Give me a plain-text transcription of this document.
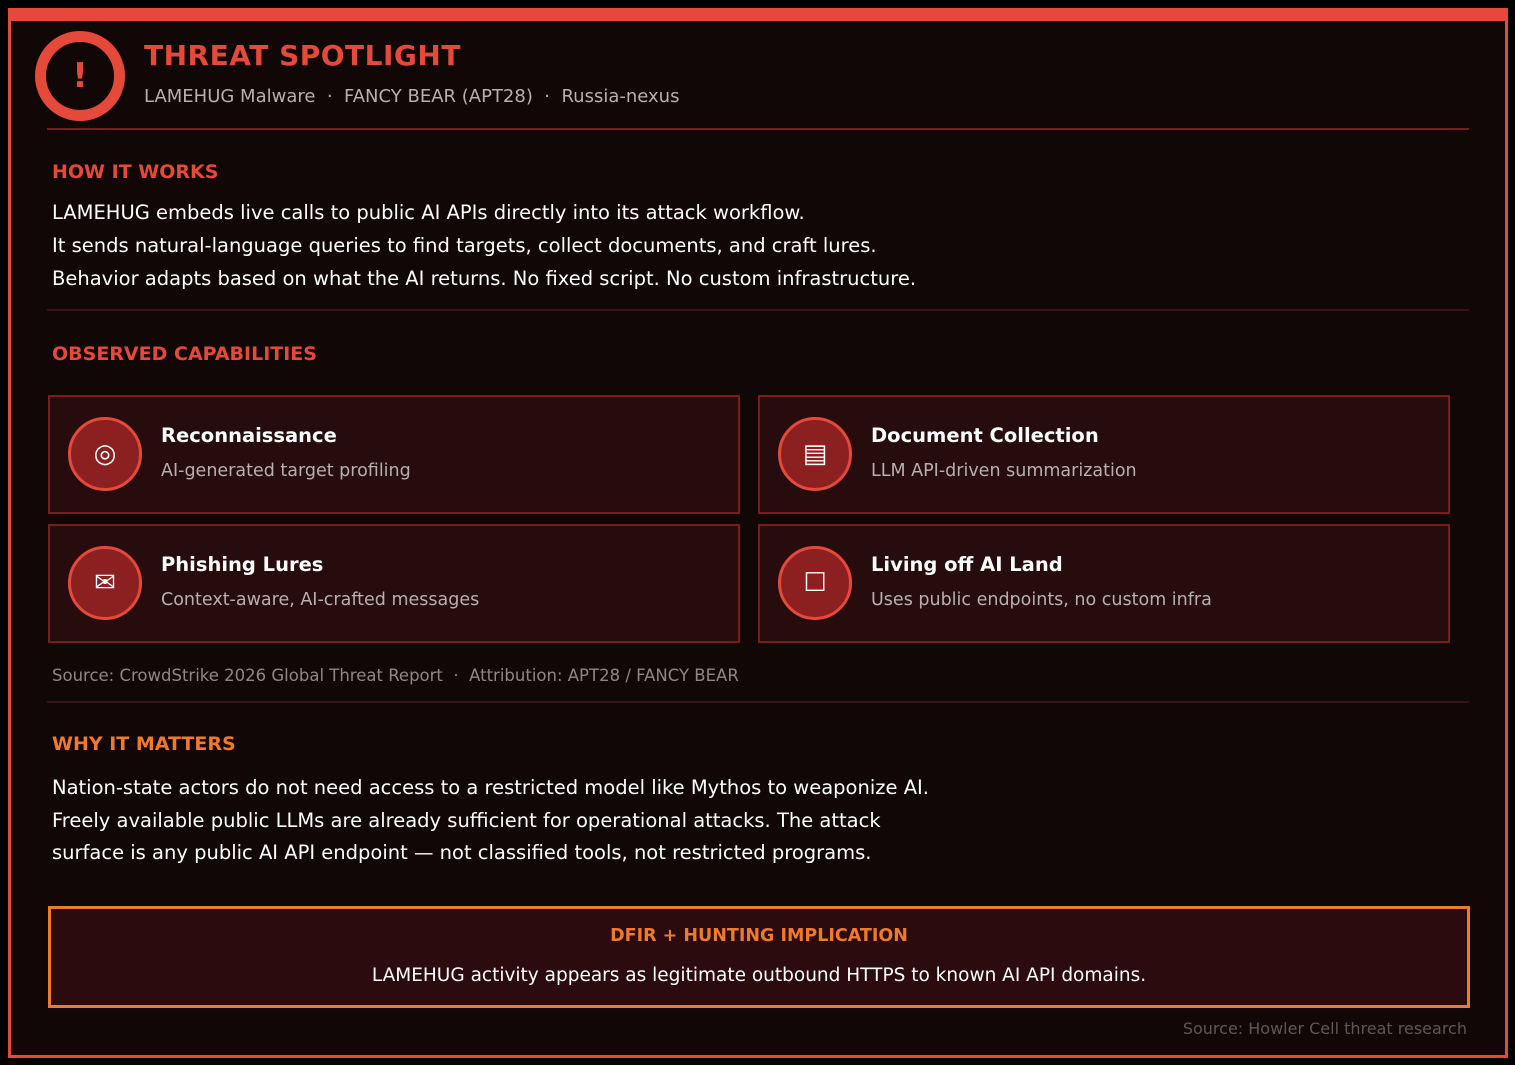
!
THREAT SPOTLIGHT
LAMEHUG Malware  ·  FANCY BEAR (APT28)  ·  Russia-nexus
HOW IT WORKS
LAMEHUG embeds live calls to public AI APIs directly into its attack workflow.
It sends natural-language queries to find targets, collect documents, and craft lures.
Behavior adapts based on what the AI returns. No fixed script. No custom infrastructure.
OBSERVED CAPABILITIES
◎
Reconnaissance
AI-generated target profiling
▤
Document Collection
LLM API-driven summarization
✉
Phishing Lures
Context-aware, AI-crafted messages
☐
Living off AI Land
Uses public endpoints, no custom infra
Source: CrowdStrike 2026 Global Threat Report  ·  Attribution: APT28 / FANCY BEAR
WHY IT MATTERS
Nation-state actors do not need access to a restricted model like Mythos to weaponize AI.
Freely available public LLMs are already sufficient for operational attacks. The attack
surface is any public AI API endpoint — not classified tools, not restricted programs.
DFIR + HUNTING IMPLICATION
LAMEHUG activity appears as legitimate outbound HTTPS to known AI API domains.
Source: Howler Cell threat research
